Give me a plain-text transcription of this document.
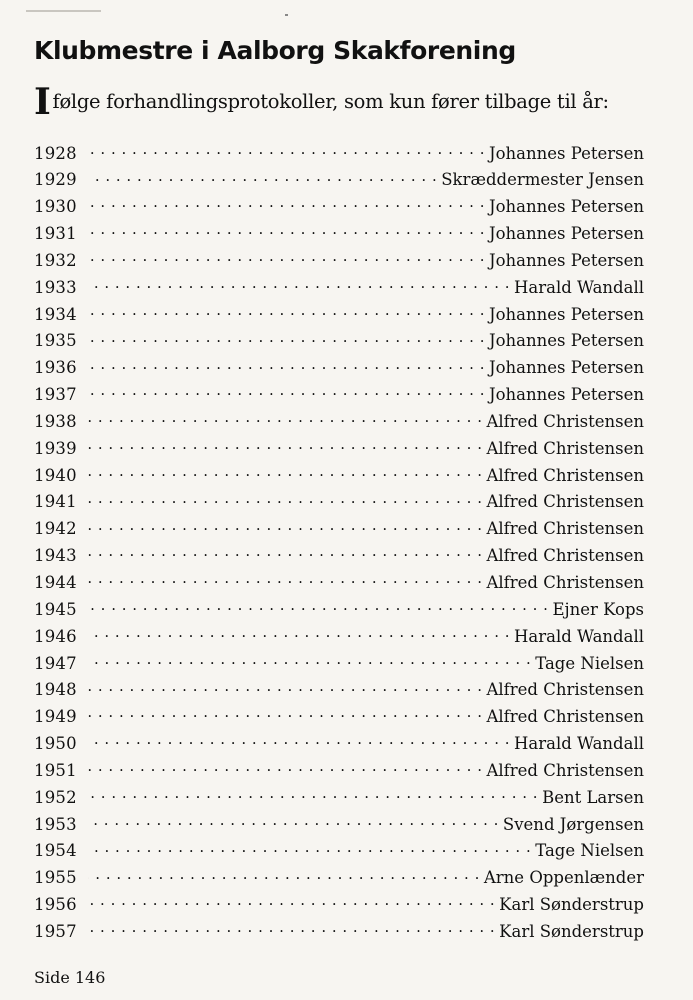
Klubmestre i Aalborg Skakforening
Ifølge forhandlingsprotokoller, som kun fører tilbage til år:
1928 . . .	Johannes Petersen
1929 . . .	Skræddermester Jensen
1930 . . .	Johannes Petersen
1931 . . .	Johannes Petersen
1932 . . .	Johannes Petersen
1933 . . .	Harald Wandall
1934 . . .	Johannes Petersen
1935 . . .	Johannes Petersen
1936 . . .	Johannes Petersen
1937 . . .	Johannes Petersen
1938 . . .	Alfred Christensen
1939 . . .	Alfred Christensen
1940 . . .	Alfred Christensen
1941 . . .	Alfred Christensen
1942 . . .	Alfred Christensen
1943 . . .	Alfred Christensen
1944 . . .	Alfred Christensen
1945 . . .	Ejner Kops
1946 . . .	Harald Wandall
1947 . . .	Tage Nielsen
1948 . . .	Alfred Christensen
1949 . . .	Alfred Christensen
1950 . . .	Harald Wandall
1951 . . .	Alfred Christensen
1952 . . .	Bent Larsen
1953 . . .	Svend Jørgensen
1954 . . .	Tage Nielsen
1955 . . .	Arne Oppenlænder
1956 . . .	Karl Sønderstrup
1957 . . .	Karl Sønderstrup
Side 146
